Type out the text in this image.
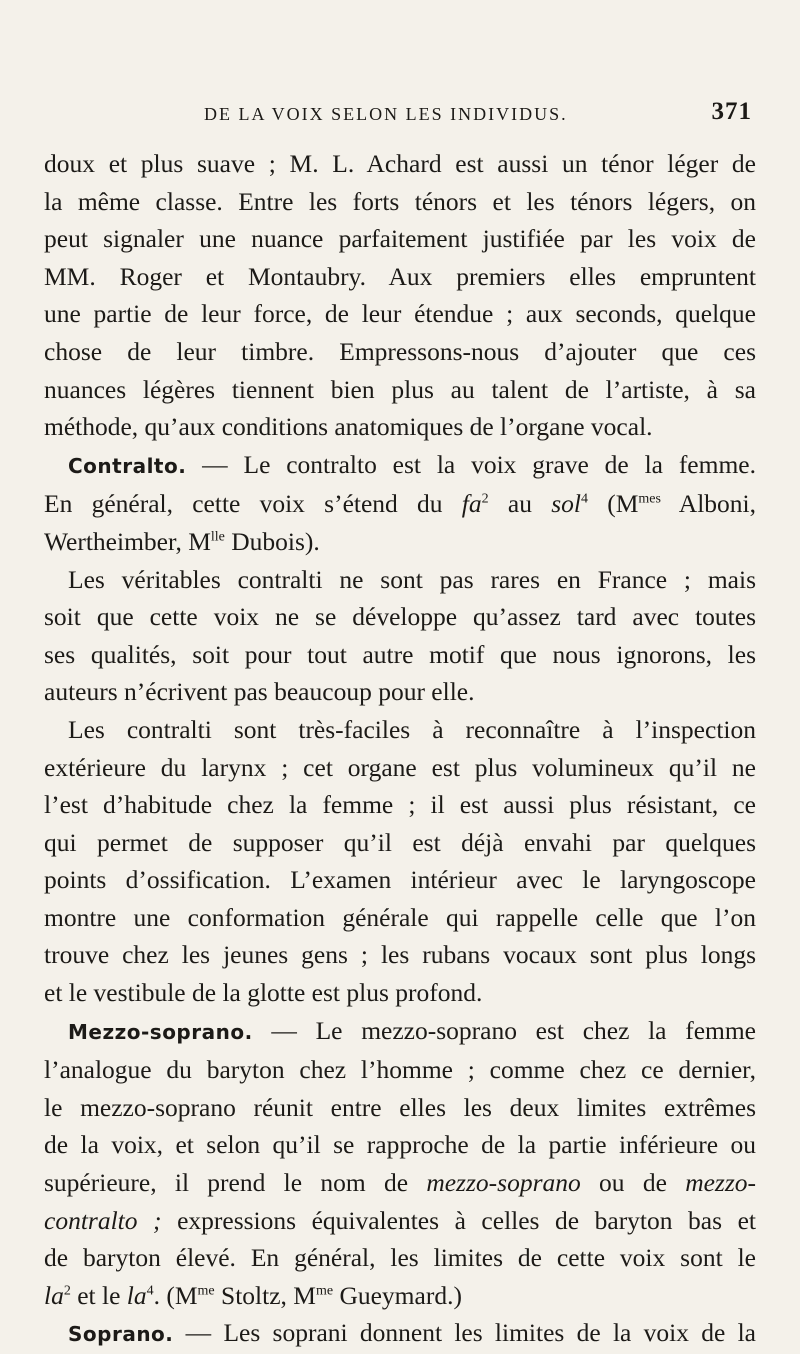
DE LA VOIX SELON LES INDIVIDUS.	371
doux et plus suave ; M. L. Achard est aussi un ténor léger de
la même classe. Entre les forts ténors et les ténors légers, on
peut signaler une nuance parfaitement justifiée par les voix de
MM. Roger et Montaubry. Aux premiers elles empruntent
une partie de leur force, de leur étendue ; aux seconds, quelque
chose de leur timbre. Empressons-nous d’ajouter que ces
nuances légères tiennent bien plus au talent de l’artiste, à sa
méthode, qu’aux conditions anatomiques de l’organe vocal.
Contralto. — Le contralto est la voix grave de la femme.
En général, cette voix s’étend du $fa^2$ au sol$^4$ ($M^{mes}$ Alboni,
Wertheimber, $M^{lle}$ Dubois).
Les véritables contralti ne sont pas rares en France ; mais
soit que cette voix ne se développe qu’assez tard avec toutes
ses qualités, soit pour tout autre motif que nous ignorons, les
auteurs n’écrivent pas beaucoup pour elle.
Les contralti sont très-faciles à reconnaître à l’inspection
extérieure du larynx ; cet organe est plus volumineux qu’il ne
l’est d’habitude chez la femme ; il est aussi plus résistant, ce
qui permet de supposer qu’il est déjà envahi par quelques
points d’ossification. L’examen intérieur avec le laryngoscope
montre une conformation générale qui rappelle celle que l’on
trouve chez les jeunes gens ; les rubans vocaux sont plus longs
et le vestibule de la glotte est plus profond.
Mezzo-soprano. — Le mezzo-soprano est chez la femme
l’analogue du baryton chez l’homme ; comme chez ce dernier,
le mezzo-soprano réunit entre elles les deux limites extrêmes
de la voix, et selon qu’il se rapproche de la partie inférieure ou
supérieure, il prend le nom de mezzo-soprano ou de mezzo-
contralto ; expressions équivalentes à celles de baryton bas et
de baryton élevé. En général, les limites de cette voix sont le
$la^2$ et le $la^4$. ($M^{me}$ Stoltz, $M^{me}$ Gueymard.)
Soprano. — Les soprani donnent les limites de la voix de la
